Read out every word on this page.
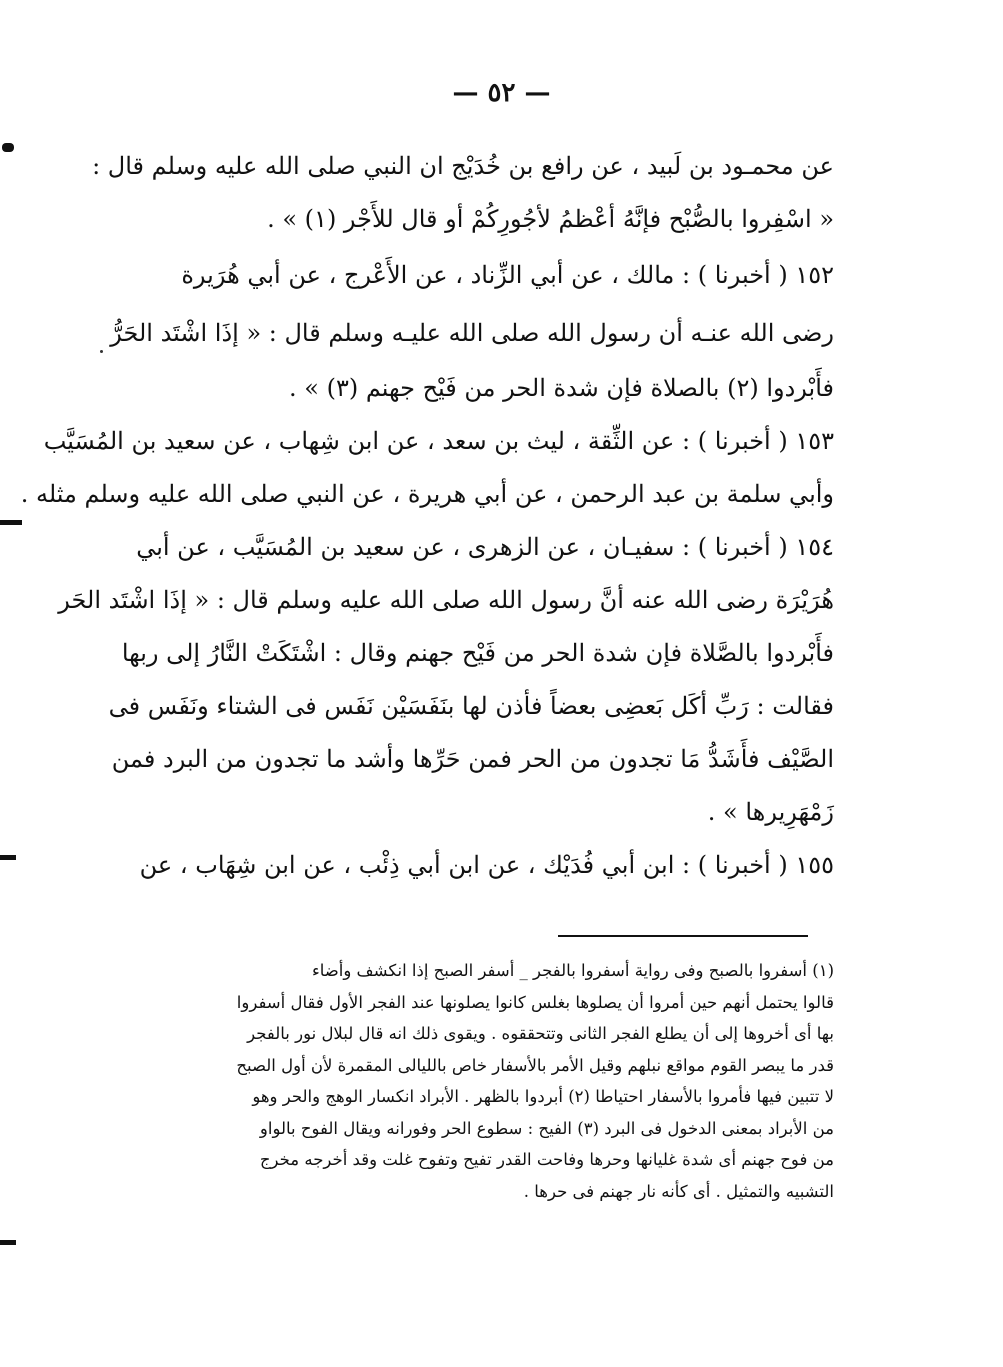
— ٥٢ —
عن محمـود بن لَبيد ، عن رافع بن خُدَيْج ان النبي صلى الله عليه وسلم قال :
« اسْفِروا بالصُّبْح فإنَّهُ أعْظمُ لأجُورِكُمْ أو قال للأَجْر (١) » .
١٥٢ ( أخبرنا ) : مالك ، عن أبي الزِّناد ، عن الأَعْرج ، عن أبي هُرَيرة
رضى الله عنـه أن رسول الله صلى الله عليـه وسلم قال : « إذَا اشْتَد الحَرُّ
فأَبْردوا (٢) بالصلاة فإن شدة الحر من فَيْح جهنم (٣) » .
١٥٣ ( أخبرنا ) : عن الثِّقة ، ليث بن سعد ، عن ابن شِهاب ، عن سعيد بن المُسَيَّب
وأبي سلمة بن عبد الرحمن ، عن أبي هريرة ، عن النبي صلى الله عليه وسلم مثله .
١٥٤ ( أخبرنا ) : سفيـان ، عن الزهرى ، عن سعيد بن المُسَيَّب ، عن أبي
هُرَيْرَة رضى الله عنه أنَّ رسول الله صلى الله عليه وسلم قال : « إذَا اشْتَد الحَر
فأَبْردوا بالصَّلاة فإن شدة الحر من فَيْح جهنم وقال : اشْتَكَتْ النَّارُ إلى ربها
فقالت : رَبِّ أكَل بَعضِى بعضاً فأذن لها بنَفَسَيْن نَفَس فى الشتاء ونَفَس فى
الصَّيْف فأَشَدُّ مَا تجدون من الحر فمن حَرِّها وأشد ما تجدون من البرد فمن
زَمْهَرِيرها » .
١٥٥ ( أخبرنا ) : ابن أبي فُدَيْك ، عن ابن أبي ذِئْب ، عن ابن شِهَاب ، عن
(١) أسفروا بالصبح وفى رواية أسفروا بالفجر _ أسفر الصبح إذا انكشف وأضاء
قالوا يحتمل أنهم حين أمروا أن يصلوها بغلس كانوا يصلونها عند الفجر الأول فقال أسفروا
بها أى أخروها إلى أن يطلع الفجر الثانى وتتحققوه . ويقوى ذلك انه قال لبلال نور بالفجر
قدر ما يبصر القوم مواقع نبلهم وقيل الأمر بالأسفار خاص بالليالى المقمرة لأن أول الصبح
لا تتبين فيها فأمروا بالأسفار احتياطا (٢) أبردوا بالظهر . الأبراد انكسار الوهج والحر وهو
من الأبراد بمعنى الدخول فى البرد (٣) الفيح : سطوع الحر وفورانه ويقال الفوح بالواو
من فوح جهنم أى شدة غليانها وحرها وفاحت القدر تفيح وتفوح غلت وقد أخرجه مخرج
التشبيه والتمثيل . أى كأنه نار جهنم فى حرها .
